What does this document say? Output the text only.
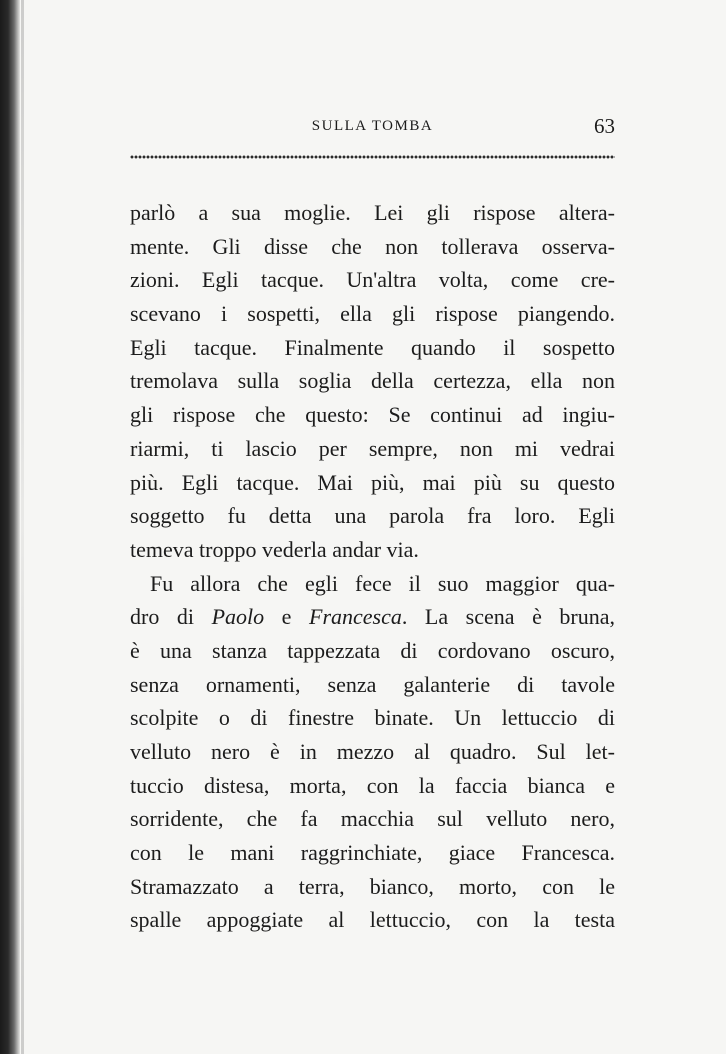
SULLA TOMBA	63
parlò a sua moglie. Lei gli rispose altera-
mente. Gli disse che non tollerava osserva-
zioni. Egli tacque. Un'altra volta, come cre-
scevano i sospetti, ella gli rispose piangendo.
Egli tacque. Finalmente quando il sospetto
tremolava sulla soglia della certezza, ella non
gli rispose che questo: Se continui ad ingiu-
riarmi, ti lascio per sempre, non mi vedrai
più. Egli tacque. Mai più, mai più su questo
soggetto fu detta una parola fra loro. Egli
temeva troppo vederla andar via.
Fu allora che egli fece il suo maggior qua-
dro di Paolo e Francesca. La scena è bruna,
è una stanza tappezzata di cordovano oscuro,
senza ornamenti, senza galanterie di tavole
scolpite o di finestre binate. Un lettuccio di
velluto nero è in mezzo al quadro. Sul let-
tuccio distesa, morta, con la faccia bianca e
sorridente, che fa macchia sul velluto nero,
con le mani raggrinchiate, giace Francesca.
Stramazzato a terra, bianco, morto, con le
spalle appoggiate al lettuccio, con la testa
